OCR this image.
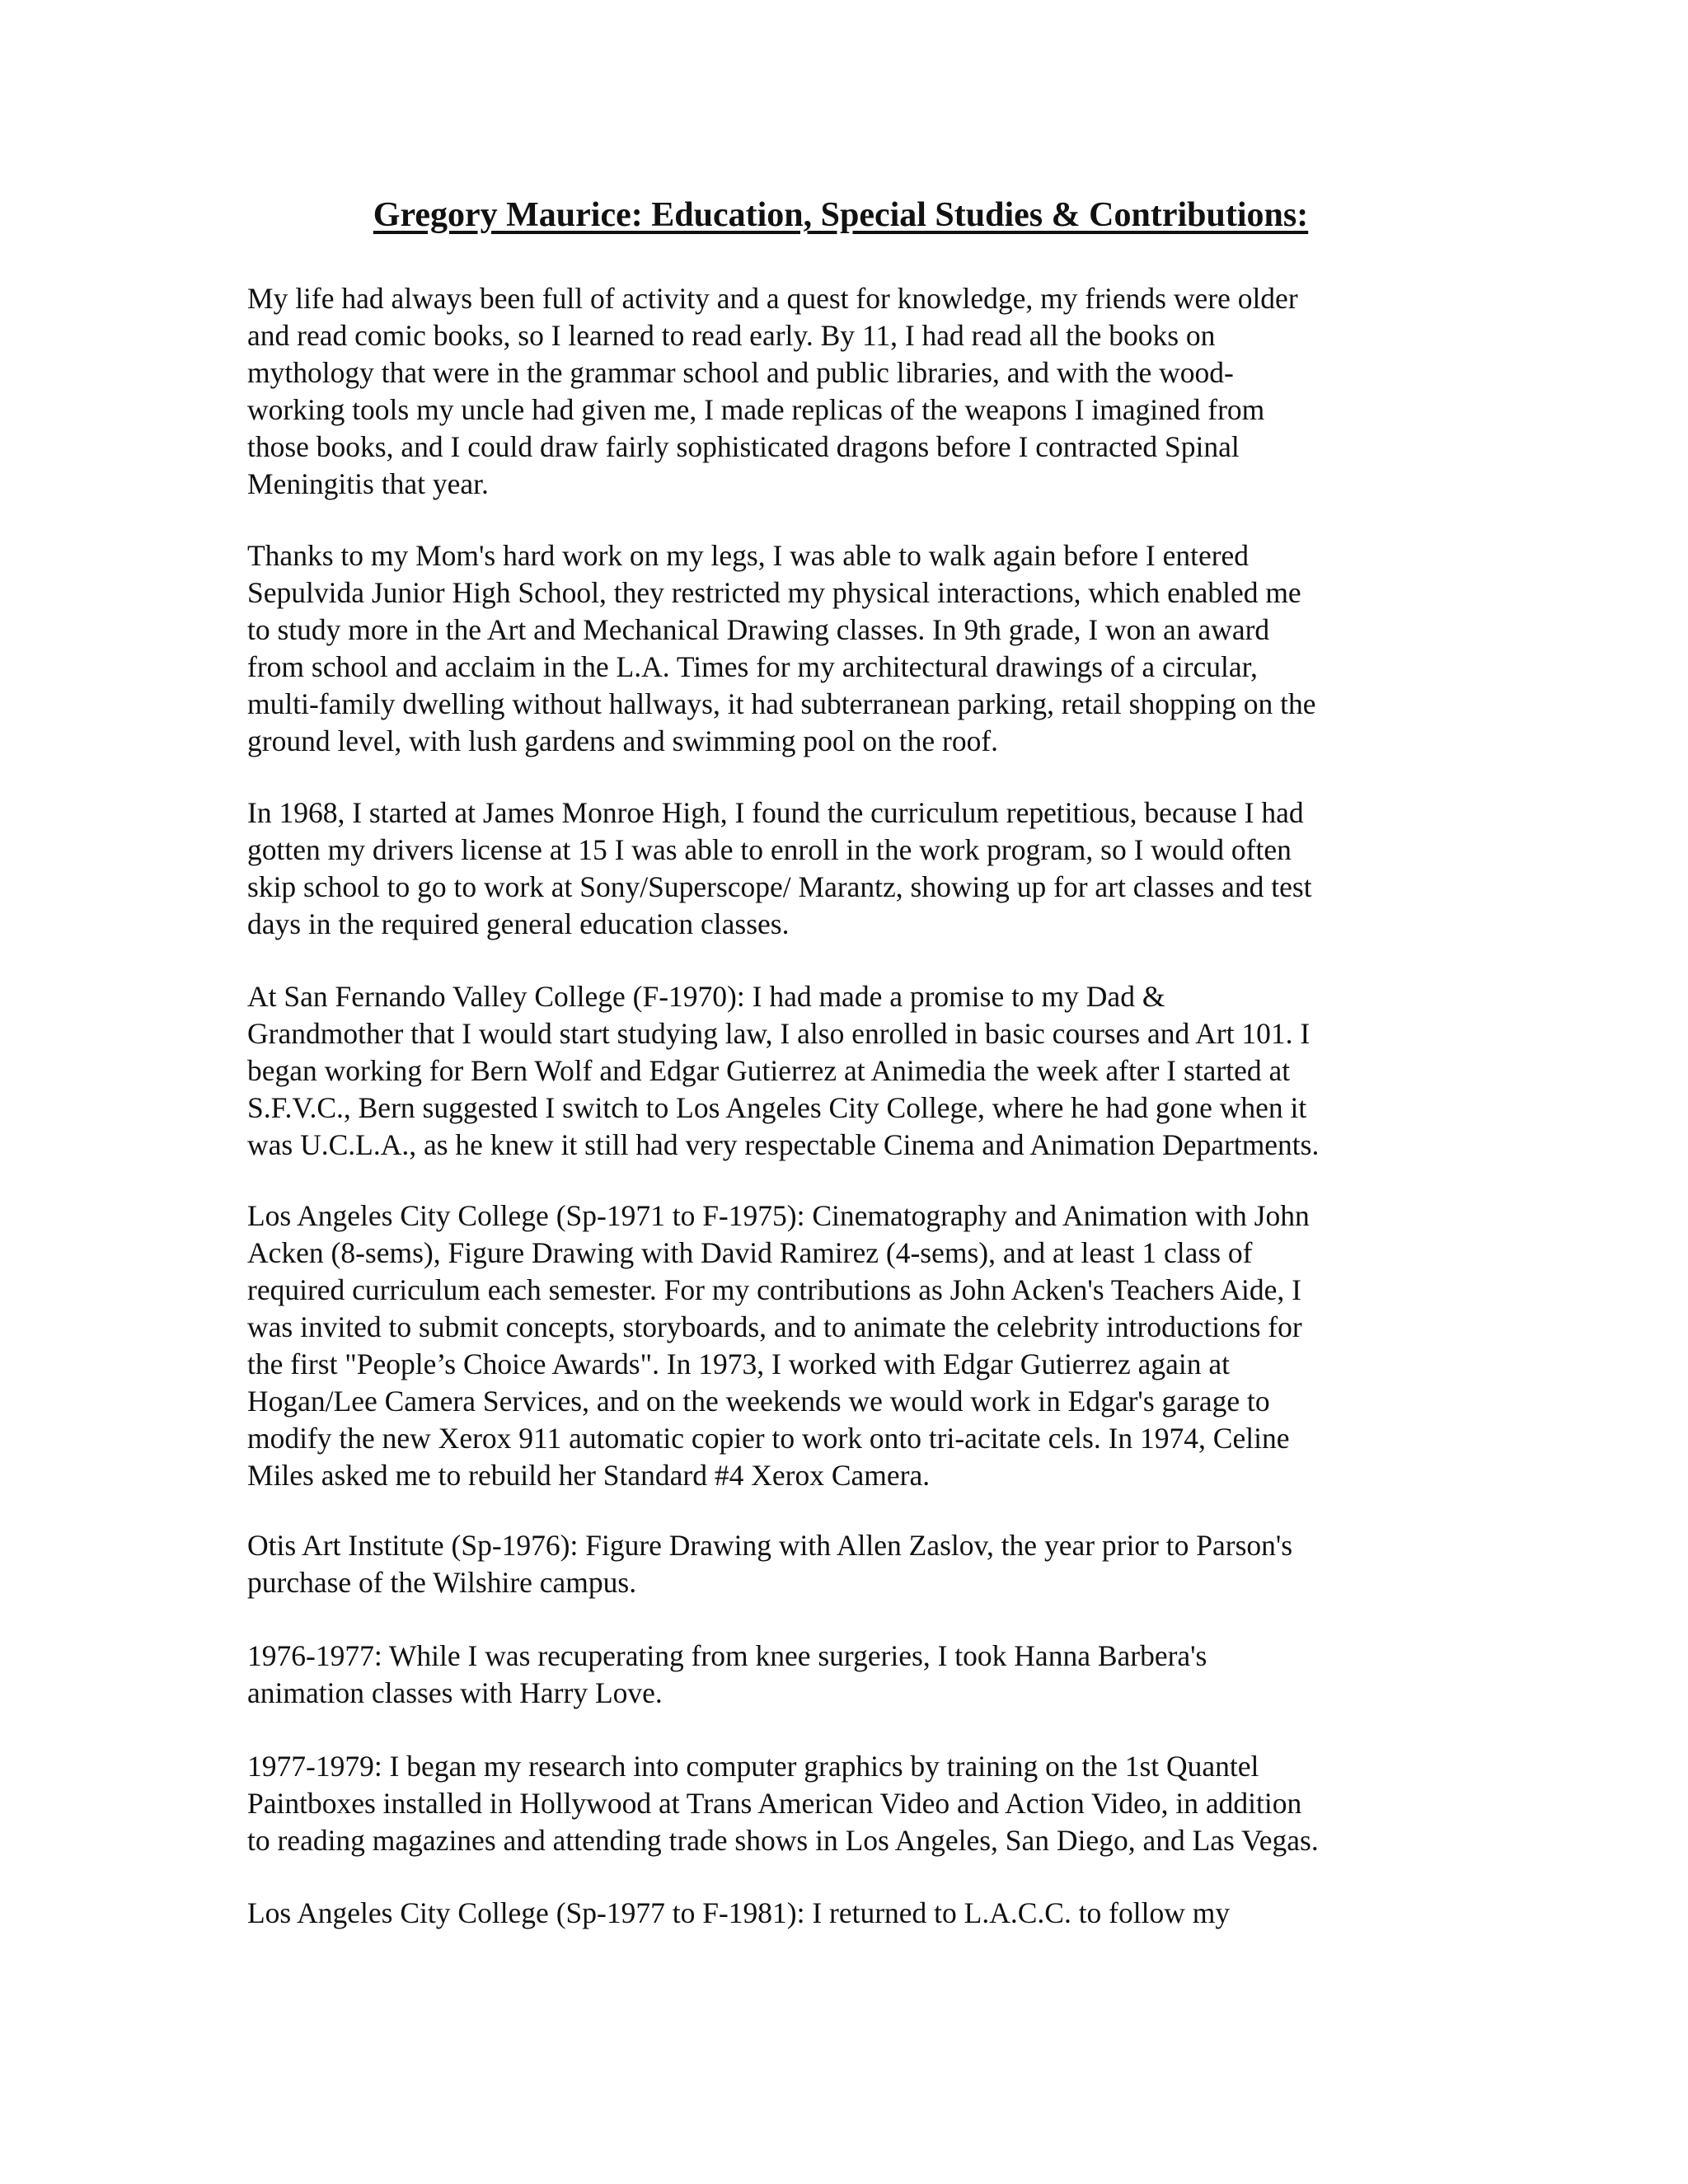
Gregory Maurice: Education, Special Studies & Contributions:

My life had always been full of activity and a quest for knowledge, my friends were older
and read comic books, so I learned to read early. By 11, I had read all the books on
mythology that were in the grammar school and public libraries, and with the wood-
working tools my uncle had given me, I made replicas of the weapons I imagined from
those books, and I could draw fairly sophisticated dragons before I contracted Spinal
Meningitis that year.

Thanks to my Mom's hard work on my legs, I was able to walk again before I entered
Sepulvida Junior High School, they restricted my physical interactions, which enabled me
to study more in the Art and Mechanical Drawing classes. In 9th grade, I won an award
from school and acclaim in the L.A. Times for my architectural drawings of a circular,
multi-family dwelling without hallways, it had subterranean parking, retail shopping on the
ground level, with lush gardens and swimming pool on the roof.

In 1968, I started at James Monroe High, I found the curriculum repetitious, because I had
gotten my drivers license at 15 I was able to enroll in the work program, so I would often
skip school to go to work at Sony/Superscope/ Marantz, showing up for art classes and test
days in the required general education classes.

At San Fernando Valley College (F-1970): I had made a promise to my Dad &
Grandmother that I would start studying law, I also enrolled in basic courses and Art 101. I
began working for Bern Wolf and Edgar Gutierrez at Animedia the week after I started at
S.F.V.C., Bern suggested I switch to Los Angeles City College, where he had gone when it
was U.C.L.A., as he knew it still had very respectable Cinema and Animation Departments.

Los Angeles City College (Sp-1971 to F-1975): Cinematography and Animation with John
Acken (8-sems), Figure Drawing with David Ramirez (4-sems), and at least 1 class of
required curriculum each semester. For my contributions as John Acken's Teachers Aide, I
was invited to submit concepts, storyboards, and to animate the celebrity introductions for
the first "People’s Choice Awards". In 1973, I worked with Edgar Gutierrez again at
Hogan/Lee Camera Services, and on the weekends we would work in Edgar's garage to
modify the new Xerox 911 automatic copier to work onto tri-acitate cels. In 1974, Celine
Miles asked me to rebuild her Standard #4 Xerox Camera.

Otis Art Institute (Sp-1976): Figure Drawing with Allen Zaslov, the year prior to Parson's
purchase of the Wilshire campus.

1976-1977: While I was recuperating from knee surgeries, I took Hanna Barbera's
animation classes with Harry Love.

1977-1979: I began my research into computer graphics by training on the 1st Quantel
Paintboxes installed in Hollywood at Trans American Video and Action Video, in addition
to reading magazines and attending trade shows in Los Angeles, San Diego, and Las Vegas.

Los Angeles City College (Sp-1977 to F-1981): I returned to L.A.C.C. to follow my
